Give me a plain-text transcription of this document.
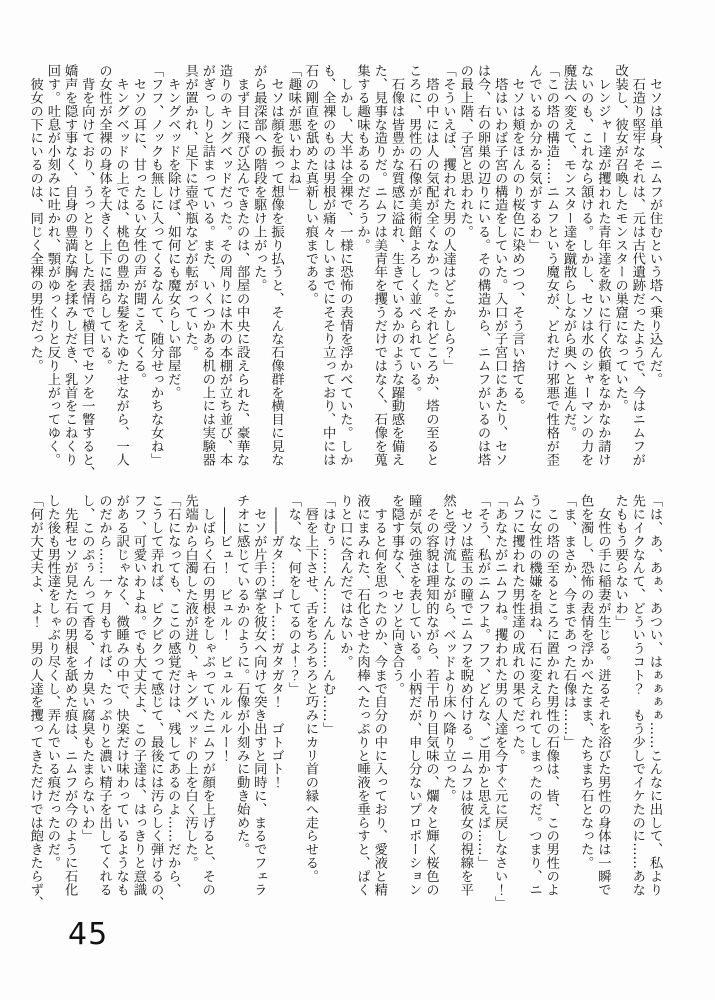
　セソは単身、ニムフが住むという塔へ乗り込んだ。
　石造り堅牢なそれは、元は古代遺跡だったようで、今はニムフが
改装し、彼女が召喚したモンスターの巣窟になっていた。
　レンジャー達が攫われた青年達を救いに行く依頼をなかなか請け
ないのも、これなら頷ける。しかし、セソは水のシャーマンの力を
魔法へ変えて、モンスター達を蹴散らしながら奥へと進んだ。
「この塔の構造……ニムフという魔女が、どれだけ邪悪で性格が歪
んでいるか分かる気がするわ」
　セソは頬をほんのり桜色に染めつつ、そう言い捨てる。
　塔はいわば子宮の構造をしていた。入口が子宮口にあたり、セソ
は今、右の卵巣の辺りにいる。その構造から、ニムフがいるのは塔
の最上階、子宮と思われた。
「そういえば、攫われた男の人達はどこかしら？」
　塔の中には人の気配が全くなかった。それどころか、塔の至ると
ころに、男性の石像が美術館よろしく並べられている。
　石像は皆豊かな質感に溢れ、生きているかのような躍動感を備え
た、見事な造りだ。ニムフは美青年を攫うだけではなく、石像を蒐
集する趣味もあるのだろうか。
　しかし、大半は全裸で、一様に恐怖の表情を浮かべていた。しか
も、全裸のものは男根が痛々しいまでにそそり立っており、中には
石の剛直を舐めた真新しい痕まである。
「趣味が悪いわよね」
　セソは顔を振って想像を振り払うと、そんな石像群を横目に見な
がら最深部への階段を駆け上がった。
　まず目に飛び込んできたのは、部屋の中央に設えられた、豪華な
造りのキングベッドだった。その周りには木の本棚が立ち並び、本
がぎっしりと詰まっている。また、いくつかある机の上には実験器
具が置かれ、足下に壺や瓶などが転がっていた。
　キングベッドを除けば、如何にも魔女らしい部屋だ。
「フフ、ノックも無しに入ってくるなんて、随分せっかちな女ね」
　セソの耳に、甘ったるい女性の声が聞こえてくる。
　キングベッドの上では、桃色の豊かな髪をたゆたせながら、一人
の女性が全裸の身体を大きく上下に揺らしている。
　背を向けており、うっとりとした表情で横目でセソを一瞥すると、
嬌声を隠す事なく、自身の豊満な胸を揉みしだき、乳首をこねくり
回す。吐息が小刻みに吐かれ、顎がゆっくりと反り上がってゆく。
　彼女の下にいるのは、同じく全裸の男性だった。
「は、あ、あぁ、あつい、はぁぁぁぁ……こんなに出して、私より
先にイクなんて、どういうコト？　もう少しでイケたのに……あな
たももう要らないわ」
　女性の手に稲妻が生じる。迸るそれを浴びた男性の身体は一瞬で
色を濁し、恐怖の表情を浮かべたまま、たちまち石となった。
「ま、まさか、今まであった石像は……」
　この塔の至るところに置かれた男性の石像は、皆、この男性のよ
うに女性の機嫌を損ね、石に変えられてしまったのだ。つまり、ニ
ムフに攫われた男性達の成れの果てだった。
「あなたがニムフね。攫われた男の人達を今すぐ元に戻しなさい！」
「そう、私がニムフよ。フフ、どんな、ご用かと思えば……」
　セソは藍玉の瞳でニムフを睨め付ける。ニムフは彼女の視線を平
然と受け流しながら、ベッドより床へ降り立った。
　その容貌は理知的ながら、若干吊り目気味の、爛々と輝く桜色の
瞳が気の強さを表している。小柄だが、申し分ないプロポーション
を隠す事なく、セソと向き合う。
　すると何を思ったのか、今まで自分の中に入っており、愛液と精
液にまみれた、石化させた肉棒へたっぷりと唾液を垂らすと、ぱく
りと口に含んだではないか。
「はむぅ……ん……んん……んむ……」
　唇を上下させ、舌をちろちろと巧みにカリ首の縁へ走らせる。
「な、な、何をしてるのよ！？」
　――ガタ……ゴト……ガタガタ！　ゴトゴト！
　セソが片手の掌を彼女へ向けて突き出すと同時に、まるでフェラ
チオに感じているかのように。石像が小刻みに動き始めた。
　――ビュ！　ビュル！　ビュルルルルー！
　しばらく石の男根をしゃぶっていたニムフが顔を上げると、その
先端から白濁した液が迸り、キングベッドの上を白く汚した。
「石になっても、ここの感覚だけは、残してあるのよ……だから、
こうして弄れば、ピクピクって感じて、最後には汚らしく弾けるの、
フフ、可愛いわよね。でも大丈夫よ、この子達は、はっきりと意識
がある訳じゃなく、微睡みの中で、快楽だけ味わっているようなも
のだから……一ヶ月もすれば、たっぷりと濃い精子を出してくれる
し、このぷぅんって香る、イカ臭い腐臭もたまらないわ」
　先程セソが見た石の男根を舐めた痕は、ニムフが今のように石化
した後も男性達をしゃぶり尽くし、弄んでいる痕だったのだ。
「何が大丈夫よ、よ！　男の人達を攫ってきただけでは飽きたらず、
45
